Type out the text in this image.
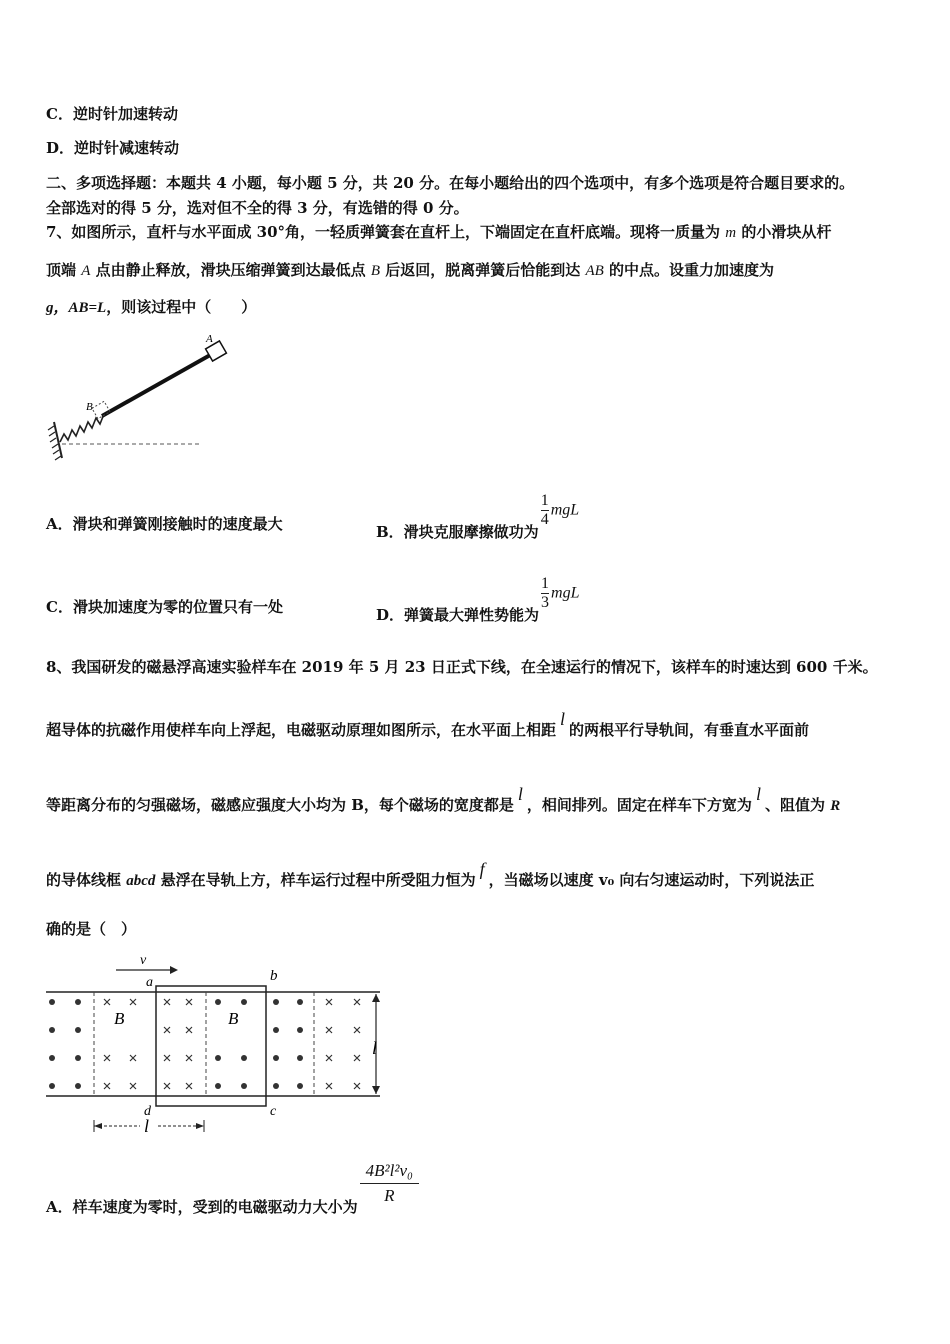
C．逆时针加速转动
D．逆时针减速转动
二、多项选择题：本题共 4 小题，每小题 5 分，共 20 分。在每小题给出的四个选项中，有多个选项是符合题目要求的。
全部选对的得 5 分，选对但不全的得 3 分，有选错的得 0 分。
7、如图所示，直杆与水平面成 30°角，一轻质弹簧套在直杆上，下端固定在直杆底端。现将一质量为 m 的小滑块从杆
顶端 A 点由静止释放，滑块压缩弹簧到达最低点 B 后返回，脱离弹簧后恰能到达 AB 的中点。设重力加速度为
g，AB=L，则该过程中（　　）
A
B
A．滑块和弹簧刚接触时的速度最大	B．滑块克服摩擦做功为
$\frac{1}{4}$ mgL
C．滑块加速度为零的位置只有一处	D．弹簧最大弹性势能为
$\frac{1}{3}$ mgL
8、我国研发的磁悬浮高速实验样车在 2019 年 5 月 23 日正式下线，在全速运行的情况下，该样车的时速达到 600 千米。
超导体的抗磁作用使样车向上浮起，电磁驱动原理如图所示，在水平面上相距l的两根平行导轨间，有垂直水平面前
等距离分布的匀强磁场，磁感应强度大小均为 B，每个磁场的宽度都是l，相间排列。固定在样车下方宽为l、阻值为 R
的导体线框 abcd 悬浮在导轨上方，样车运行过程中所受阻力恒为f，当磁场以速度 v₀ 向右匀速运动时，下列说法正
确的是（　）
v
a	b
d	c
B	B
l
l
A．样车速度为零时，受到的电磁驱动力大小为
$\frac{\text{4B²l²v₀}}{R}$
